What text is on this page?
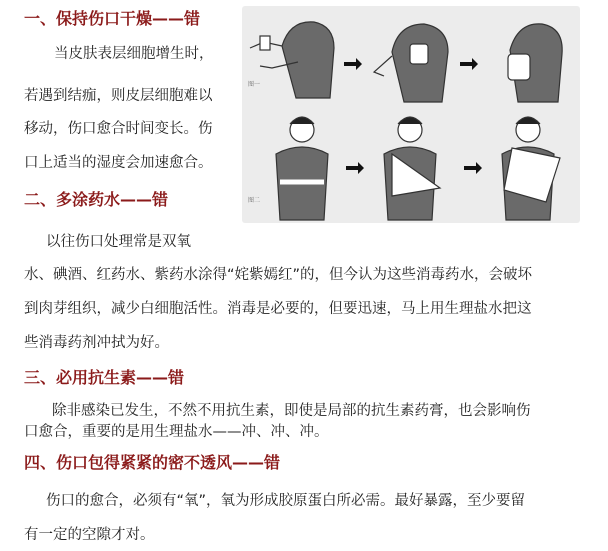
一、保持伤口干燥——错
当皮肤表层细胞增生时，
若遇到结痂，则皮层细胞难以
移动，伤口愈合时间变长。伤
口上适当的湿度会加速愈合。
二、多涂药水——错
以往伤口处理常是双氧
水、碘酒、红药水、紫药水涂得“姹紫嫣红”的，但今认为这些消毒药水，会破坏
到肉芽组织，减少白细胞活性。消毒是必要的，但要迅速，马上用生理盐水把这
些消毒药剂冲拭为好。
三、必用抗生素——错
除非感染已发生，不然不用抗生素，即使是局部的抗生素药膏，也会影响伤
口愈合，重要的是用生理盐水——冲、冲、冲。
四、伤口包得紧紧的密不透风——错
伤口的愈合，必须有“氧”，氧为形成胶原蛋白所必需。最好暴露，至少要留
有一定的空隙才对。
图一
图二
